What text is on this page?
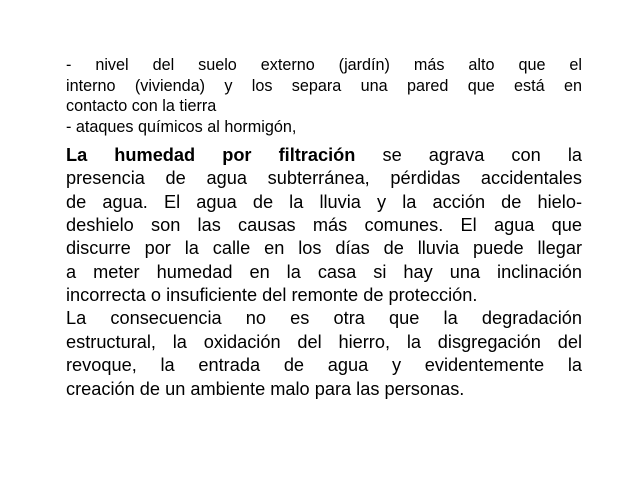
- nivel del suelo externo (jardín) más alto que el
interno (vivienda) y los separa una pared que está en
contacto con la tierra
- ataques químicos al hormigón,
La humedad por filtración se agrava con la
presencia de agua subterránea, pérdidas accidentales
de agua. El agua de la lluvia y la acción de hielo-
deshielo son las causas más comunes. El agua que
discurre por la calle en los días de lluvia puede llegar
a meter humedad en la casa si hay una inclinación
incorrecta o insuficiente del remonte de protección.
La consecuencia no es otra que la degradación
estructural, la oxidación del hierro, la disgregación del
revoque, la entrada de agua y evidentemente la
creación de un ambiente malo para las personas.
